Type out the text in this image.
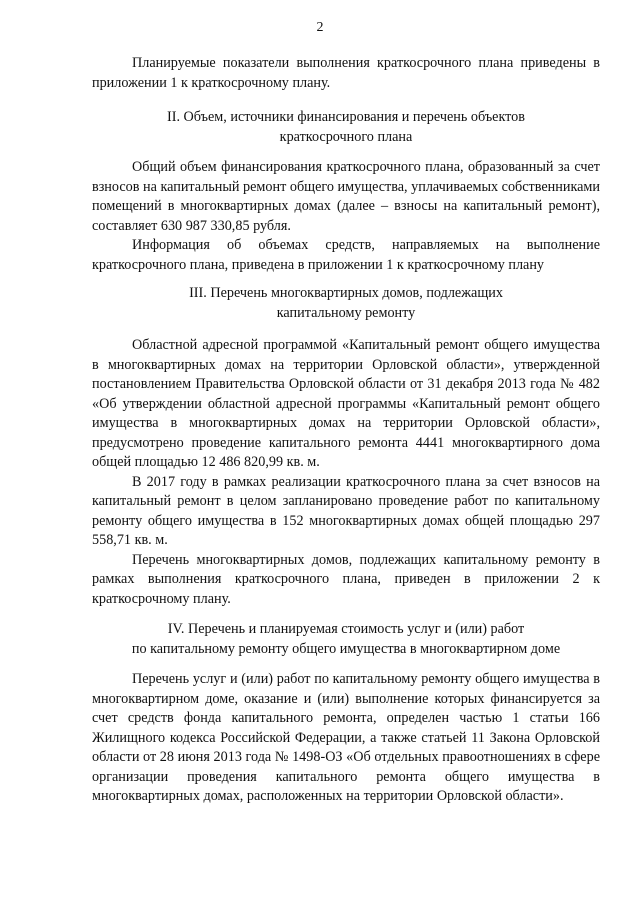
2

Планируемые показатели выполнения краткосрочного плана приведены в приложении 1 к краткосрочному плану.

II. Объем, источники финансирования и перечень объектов
краткосрочного плана

Общий объем финансирования краткосрочного плана, образованный за счет взносов на капитальный ремонт общего имущества, уплачиваемых собственниками помещений в многоквартирных домах (далее – взносы на капитальный ремонт), составляет 630 987 330,85 рубля.

Информация об объемах средств, направляемых на выполнение краткосрочного плана, приведена в приложении 1 к краткосрочному плану

III. Перечень многоквартирных домов, подлежащих
капитальному ремонту

Областной адресной программой «Капитальный ремонт общего имущества в многоквартирных домах на территории Орловской области», утвержденной постановлением Правительства Орловской области от 31 декабря 2013 года № 482 «Об утверждении областной адресной программы «Капитальный ремонт общего имущества в многоквартирных домах на территории Орловской области», предусмотрено проведение капитального ремонта 4441 многоквартирного дома общей площадью 12 486 820,99 кв. м.

В 2017 году в рамках реализации краткосрочного плана за счет взносов на капитальный ремонт в целом запланировано проведение работ по капитальному ремонту общего имущества в 152 многоквартирных домах общей площадью 297 558,71 кв. м.

Перечень многоквартирных домов, подлежащих капитальному ремонту в рамках выполнения краткосрочного плана, приведен в приложении 2 к краткосрочному плану.

IV. Перечень и планируемая стоимость услуг и (или) работ
по капитальному ремонту общего имущества в многоквартирном доме

Перечень услуг и (или) работ по капитальному ремонту общего имущества в многоквартирном доме, оказание и (или) выполнение которых финансируется за счет средств фонда капитального ремонта, определен частью 1 статьи 166 Жилищного кодекса Российской Федерации, а также статьей 11 Закона Орловской области от 28 июня 2013 года № 1498-ОЗ «Об отдельных правоотношениях в сфере организации проведения капитального ремонта общего имущества в многоквартирных домах, расположенных на территории Орловской области».
